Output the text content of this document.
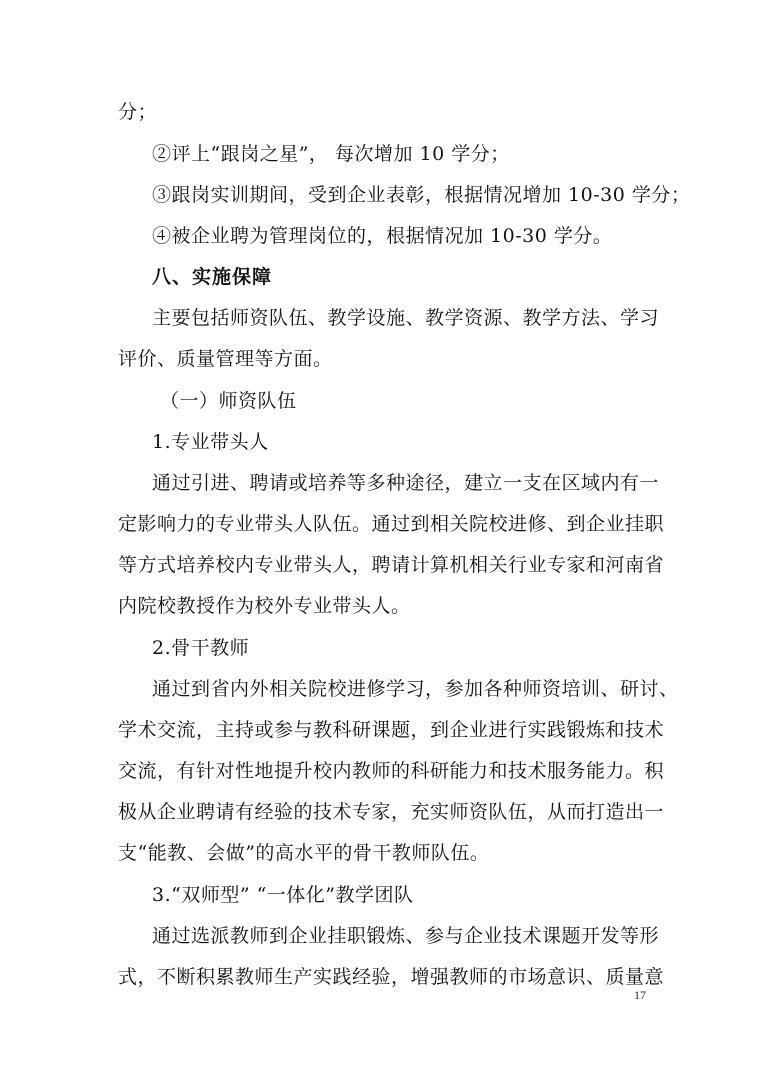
分；
②评上“跟岗之星”， 每次增加 10 学分；
③跟岗实训期间，受到企业表彰，根据情况增加 10-30 学分；
④被企业聘为管理岗位的，根据情况加 10-30 学分。
八、实施保障
主要包括师资队伍、教学设施、教学资源、教学方法、学习
评价、质量管理等方面。
（一）师资队伍
1.专业带头人
通过引进、聘请或培养等多种途径，建立一支在区域内有一
定影响力的专业带头人队伍。通过到相关院校进修、到企业挂职
等方式培养校内专业带头人，聘请计算机相关行业专家和河南省
内院校教授作为校外专业带头人。
2.骨干教师
通过到省内外相关院校进修学习，参加各种师资培训、研讨、
学术交流，主持或参与教科研课题，到企业进行实践锻炼和技术
交流，有针对性地提升校内教师的科研能力和技术服务能力。积
极从企业聘请有经验的技术专家，充实师资队伍，从而打造出一
支“能教、会做”的高水平的骨干教师队伍。
3.“双师型” “一体化”教学团队
通过选派教师到企业挂职锻炼、参与企业技术课题开发等形
式，不断积累教师生产实践经验，增强教师的市场意识、质量意
17
